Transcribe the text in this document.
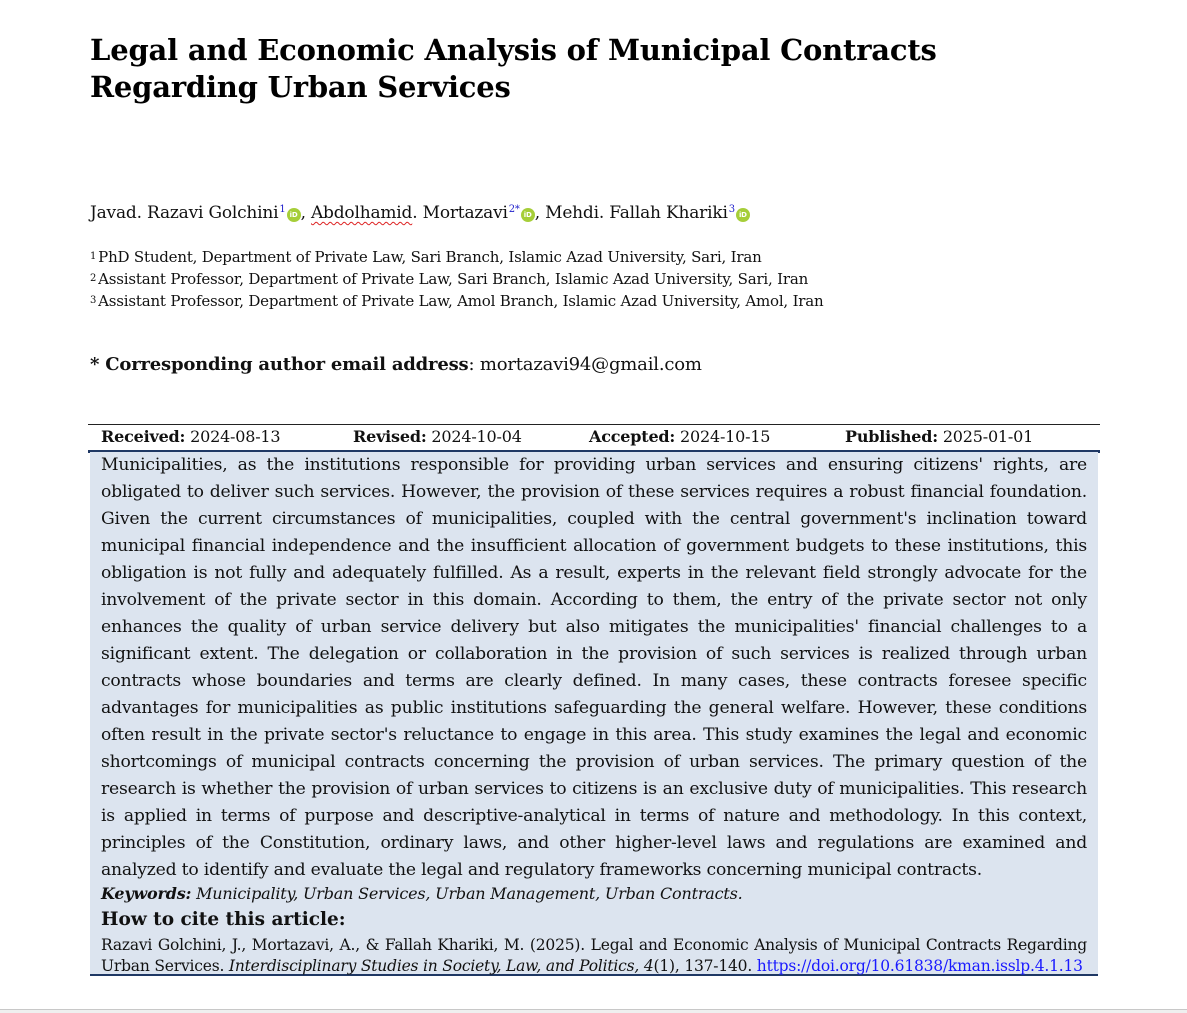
Legal and Economic Analysis of Municipal Contracts Regarding Urban Services
Javad. Razavi Golchini$^1$ iD , Abdolhamid. Mortazavi$^{2*}$ iD , Mehdi. Fallah Khariki$^3$ iD
$^1$ PhD Student, Department of Private Law, Sari Branch, Islamic Azad University, Sari, Iran
$^2$ Assistant Professor, Department of Private Law, Sari Branch, Islamic Azad University, Sari, Iran
$^3$ Assistant Professor, Department of Private Law, Amol Branch, Islamic Azad University, Amol, Iran
* Corresponding author email address: mortazavi94@gmail.com
Received: 2024-08-13	Revised: 2024-10-04	Accepted: 2024-10-15	Published: 2025-01-01

Municipalities, as the institutions responsible for providing urban services and ensuring citizens' rights, are obligated to deliver such services. However, the provision of these services requires a robust financial foundation. Given the current circumstances of municipalities, coupled with the central government's inclination toward municipal financial independence and the insufficient allocation of government budgets to these institutions, this obligation is not fully and adequately fulfilled. As a result, experts in the relevant field strongly advocate for the involvement of the private sector in this domain. According to them, the entry of the private sector not only enhances the quality of urban service delivery but also mitigates the municipalities' financial challenges to a significant extent. The delegation or collaboration in the provision of such services is realized through urban contracts whose boundaries and terms are clearly defined. In many cases, these contracts foresee specific advantages for municipalities as public institutions safeguarding the general welfare. However, these conditions often result in the private sector's reluctance to engage in this area. This study examines the legal and economic shortcomings of municipal contracts concerning the provision of urban services. The primary question of the research is whether the provision of urban services to citizens is an exclusive duty of municipalities. This research is applied in terms of purpose and descriptive-analytical in terms of nature and methodology. In this context, principles of the Constitution, ordinary laws, and other higher-level laws and regulations are examined and analyzed to identify and evaluate the legal and regulatory frameworks concerning municipal contracts.

Keywords: Municipality, Urban Services, Urban Management, Urban Contracts.
How to cite this article:
Razavi Golchini, J., Mortazavi, A., & Fallah Khariki, M. (2025). Legal and Economic Analysis of Municipal Contracts Regarding Urban Services. Interdisciplinary Studies in Society, Law, and Politics, 4(1), 137-140. https://doi.org/10.61838/kman.isslp.4.1.13
